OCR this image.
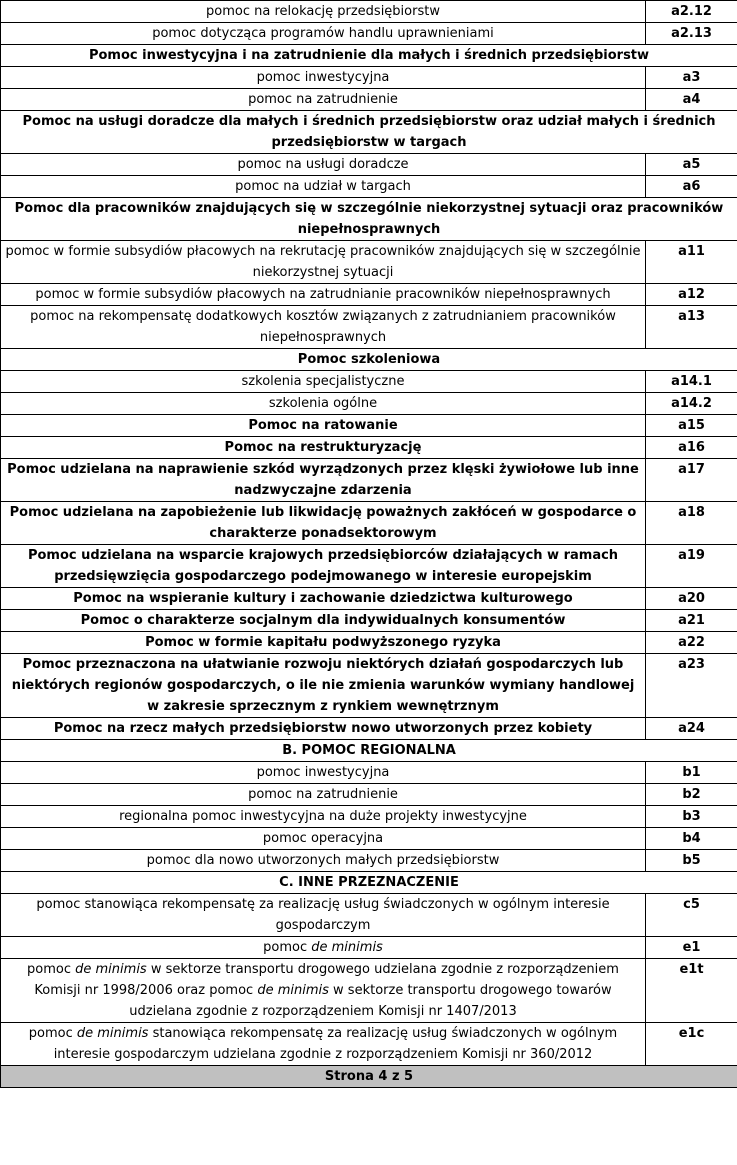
pomoc na relokację przedsiębiorstw	a2.12
pomoc dotycząca programów handlu uprawnieniami	a2.13
Pomoc inwestycyjna i na zatrudnienie dla małych i średnich przedsiębiorstw	
pomoc inwestycyjna	a3
pomoc na zatrudnienie	a4
Pomoc na usługi doradcze dla małych i średnich przedsiębiorstw oraz udział małych i średnich przedsiębiorstw w targach	
pomoc na usługi doradcze	a5
pomoc na udział w targach	a6
Pomoc dla pracowników znajdujących się w szczególnie niekorzystnej sytuacji oraz pracowników niepełnosprawnych	
pomoc w formie subsydiów płacowych na rekrutację pracowników znajdujących się w szczególnie niekorzystnej sytuacji	a11
pomoc w formie subsydiów płacowych na zatrudnianie pracowników niepełnosprawnych	a12
pomoc na rekompensatę dodatkowych kosztów związanych z zatrudnianiem pracowników niepełnosprawnych	a13
Pomoc szkoleniowa	
szkolenia specjalistyczne	a14.1
szkolenia ogólne	a14.2
Pomoc na ratowanie	a15
Pomoc na restrukturyzację	a16
Pomoc udzielana na naprawienie szkód wyrządzonych przez klęski żywiołowe lub inne nadzwyczajne zdarzenia	a17
Pomoc udzielana na zapobieżenie lub likwidację poważnych zakłóceń w gospodarce o charakterze ponadsektorowym	a18
Pomoc udzielana na wsparcie krajowych przedsiębiorców działających w ramach przedsięwzięcia gospodarczego podejmowanego w interesie europejskim	a19
Pomoc na wspieranie kultury i zachowanie dziedzictwa kulturowego	a20
Pomoc o charakterze socjalnym dla indywidualnych konsumentów	a21
Pomoc w formie kapitału podwyższonego ryzyka	a22
Pomoc przeznaczona na ułatwianie rozwoju niektórych działań gospodarczych lub niektórych regionów gospodarczych, o ile nie zmienia warunków wymiany handlowej w zakresie sprzecznym z rynkiem wewnętrznym	a23
Pomoc na rzecz małych przedsiębiorstw nowo utworzonych przez kobiety	a24
B. POMOC REGIONALNA	
pomoc inwestycyjna	b1
pomoc na zatrudnienie	b2
regionalna pomoc inwestycyjna na duże projekty inwestycyjne	b3
pomoc operacyjna	b4
pomoc dla nowo utworzonych małych przedsiębiorstw	b5
C. INNE PRZEZNACZENIE	
pomoc stanowiąca rekompensatę za realizację usług świadczonych w ogólnym interesie gospodarczym	c5
pomoc de minimis	e1
pomoc de minimis w sektorze transportu drogowego udzielana zgodnie z rozporządzeniem Komisji nr 1998/2006 oraz pomoc de minimis w sektorze transportu drogowego towarów udzielana zgodnie z rozporządzeniem Komisji nr 1407/2013	e1t
pomoc de minimis stanowiąca rekompensatę za realizację usług świadczonych w ogólnym interesie gospodarczym udzielana zgodnie z rozporządzeniem Komisji nr 360/2012	e1c
Strona 4 z 5	
